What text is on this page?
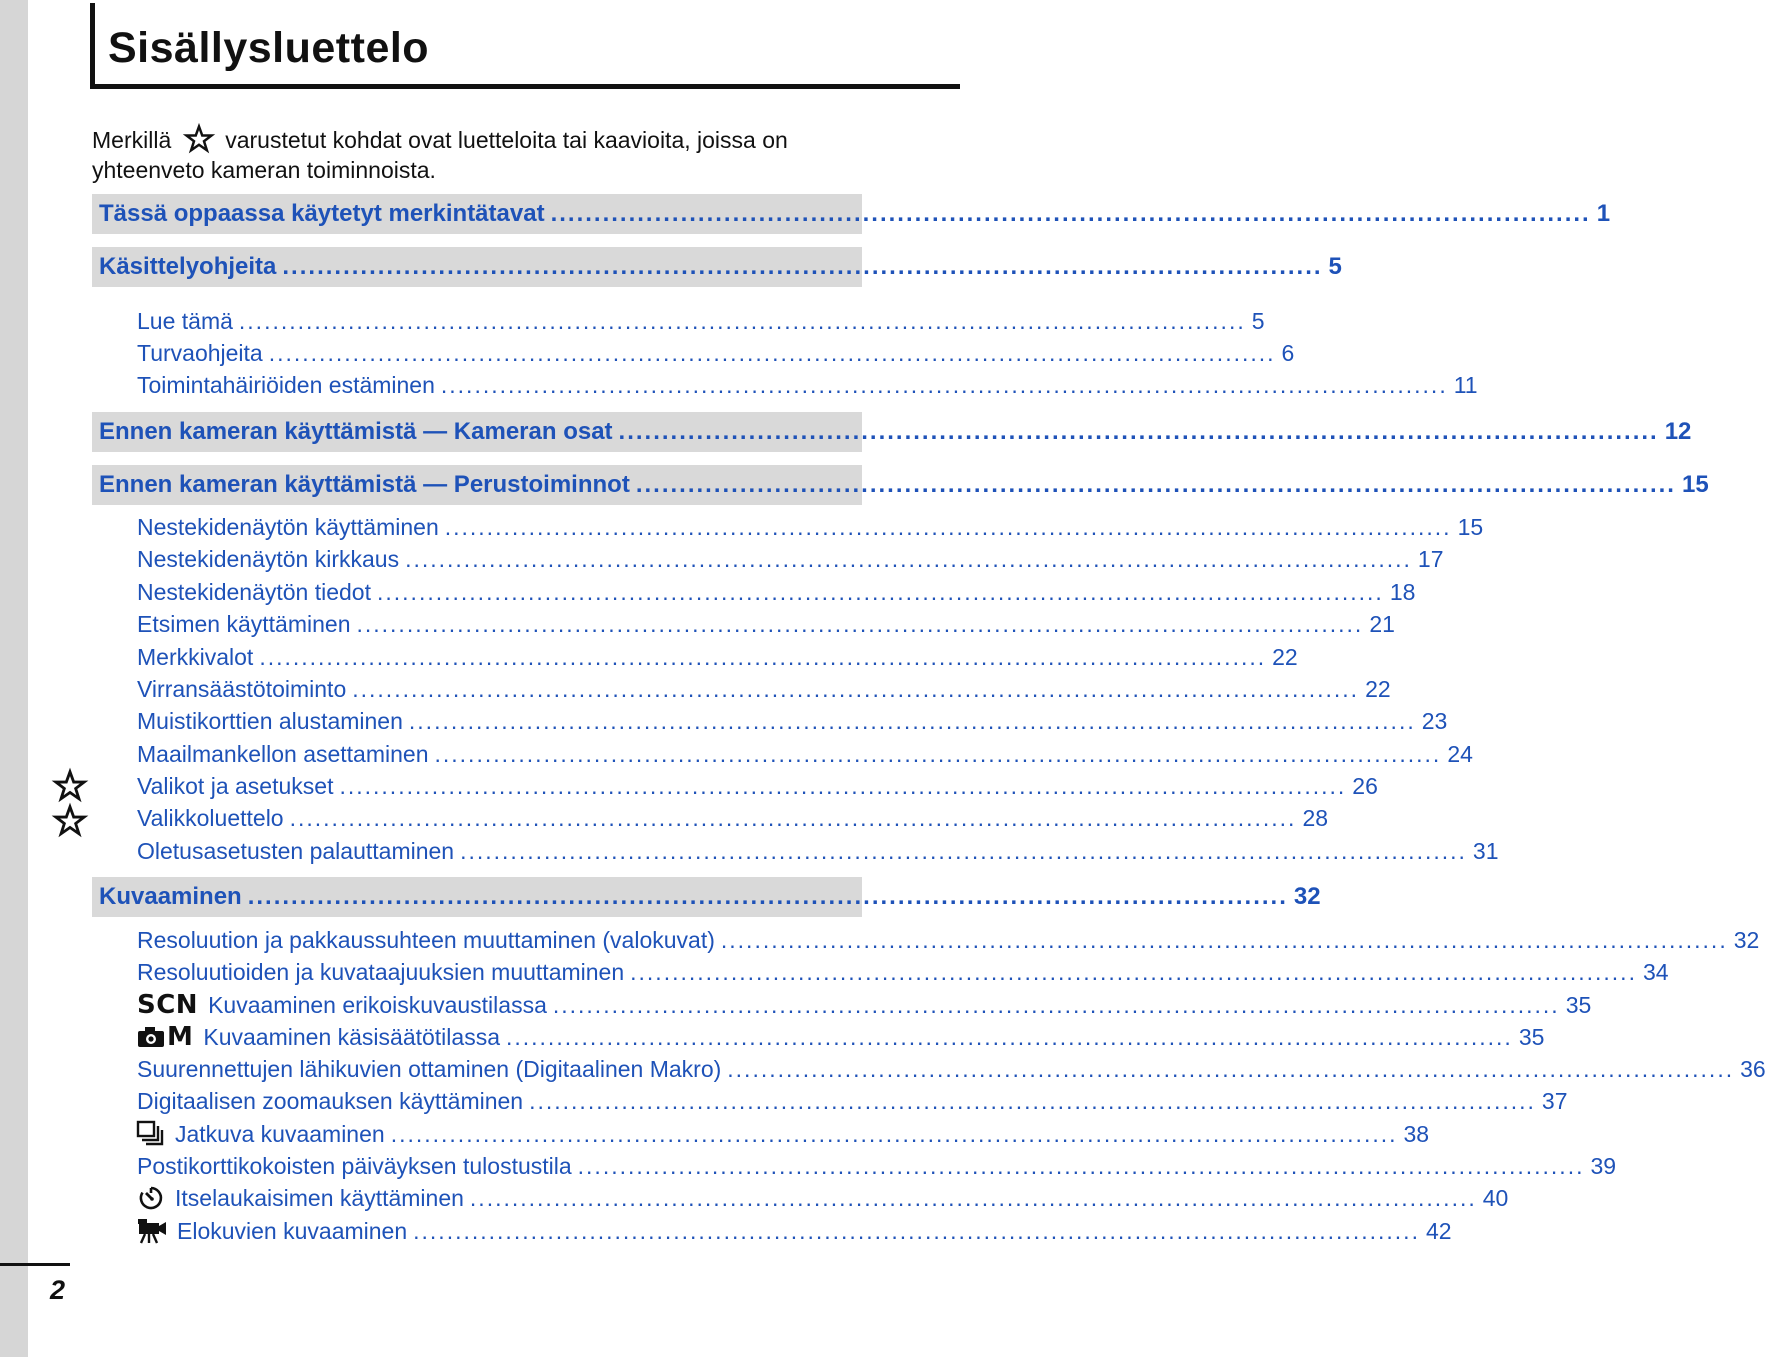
2
Sisällysluettelo
Merkillä varustetut kohdat ovat luetteloita tai kaavioita, joissa on yhteenveto kameran toiminnoista.
Tässä oppaassa käytetyt merkintätavat ........................................................................................................................ 1
Käsittelyohjeita ........................................................................................................................ 5
Lue tämä ........................................................................................................................ 5
Turvaohjeita ........................................................................................................................ 6
Toimintahäiriöiden estäminen ........................................................................................................................ 11
Ennen kameran käyttämistä — Kameran osat ........................................................................................................................ 12
Ennen kameran käyttämistä — Perustoiminnot ........................................................................................................................ 15
Nestekidenäytön käyttäminen ........................................................................................................................ 15
Nestekidenäytön kirkkaus ........................................................................................................................ 17
Nestekidenäytön tiedot ........................................................................................................................ 18
Etsimen käyttäminen ........................................................................................................................ 21
Merkkivalot ........................................................................................................................ 22
Virransäästötoiminto ........................................................................................................................ 22
Muistikorttien alustaminen ........................................................................................................................ 23
Maailmankellon asettaminen ........................................................................................................................ 24
Valikot ja asetukset ........................................................................................................................ 26
Valikkoluettelo ........................................................................................................................ 28
Oletusasetusten palauttaminen ........................................................................................................................ 31
Kuvaaminen ........................................................................................................................ 32
Resoluution ja pakkaussuhteen muuttaminen (valokuvat) ........................................................................................................................ 32
Resoluutioiden ja kuvataajuuksien muuttaminen ........................................................................................................................ 34
SCN Kuvaaminen erikoiskuvaustilassa ........................................................................................................................ 35
M Kuvaaminen käsisäätötilassa ........................................................................................................................ 35
Suurennettujen lähikuvien ottaminen (Digitaalinen Makro) ........................................................................................................................ 36
Digitaalisen zoomauksen käyttäminen ........................................................................................................................ 37
Jatkuva kuvaaminen ........................................................................................................................ 38
Postikorttikokoisten päiväyksen tulostustila ........................................................................................................................ 39
Itselaukaisimen käyttäminen ........................................................................................................................ 40
Elokuvien kuvaaminen ........................................................................................................................ 42
